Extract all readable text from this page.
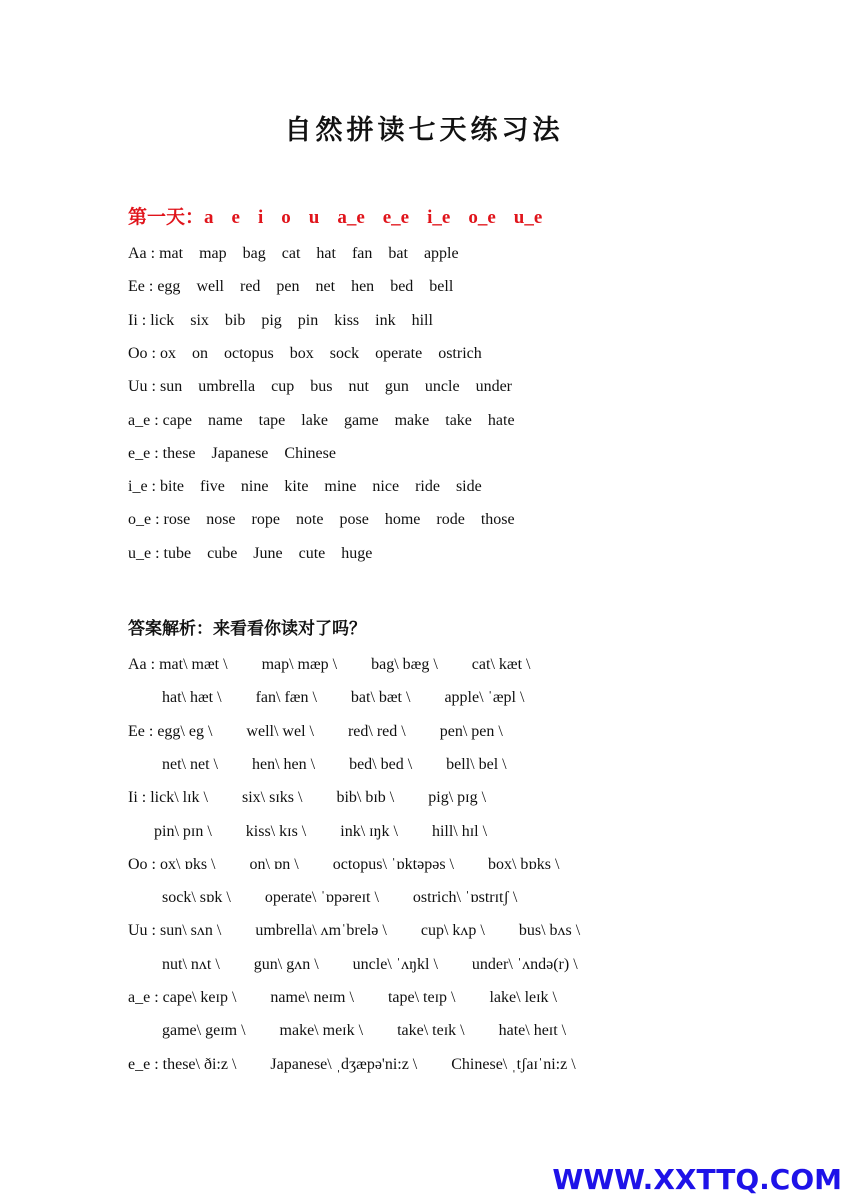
自然拼读七天练习法
第一天：a e i o u a_e e_e i_e o_e u_e
Aa : mat map bag cat hat fan bat apple
Ee : egg well red pen net hen bed bell
Ii : lick six bib pig pin kiss ink hill
Oo : ox on octopus box sock operate ostrich
Uu : sun umbrella cup bus nut gun uncle under
a_e : cape name tape lake game make take hate
e_e : these Japanese Chinese
i_e : bite five nine kite mine nice ride side
o_e : rose nose rope note pose home rode those
u_e : tube cube June cute huge
答案解析：来看看你读对了吗？
Aa : mat\ mæt \ map\ mæp \ bag\ bæg \ cat\ kæt \
hat\ hæt \ fan\ fæn \ bat\ bæt \ apple\ ˈæpl \
Ee : egg\ eg \ well\ wel \ red\ red \ pen\ pen \
net\ net \ hen\ hen \ bed\ bed \ bell\ bel \
Ii : lick\ lɪk \ six\ sɪks \ bib\ bɪb \ pig\ pɪg \
pin\ pɪn \ kiss\ kɪs \ ink\ ɪŋk \ hill\ hɪl \
Oo : ox\ ɒks \ on\ ɒn \ octopus\ ˈɒktəpəs \ box\ bɒks \
sock\ sɒk \ operate\ ˈɒpəreɪt \ ostrich\ ˈɒstrɪtʃ \
Uu : sun\ sʌn \ umbrella\ ʌmˈbrelə \ cup\ kʌp \ bus\ bʌs \
nut\ nʌt \ gun\ gʌn \ uncle\ ˈʌŋkl \ under\ ˈʌndə(r) \
a_e : cape\ keɪp \ name\ neɪm \ tape\ teɪp \ lake\ leɪk \
game\ geɪm \ make\ meɪk \ take\ teɪk \ hate\ heɪt \
e_e : these\ ði:z \ Japanese\ ˌdʒæpə'ni:z \ Chinese\ ˌtʃaɪˈni:z \
WWW.XXTTQ.COM
